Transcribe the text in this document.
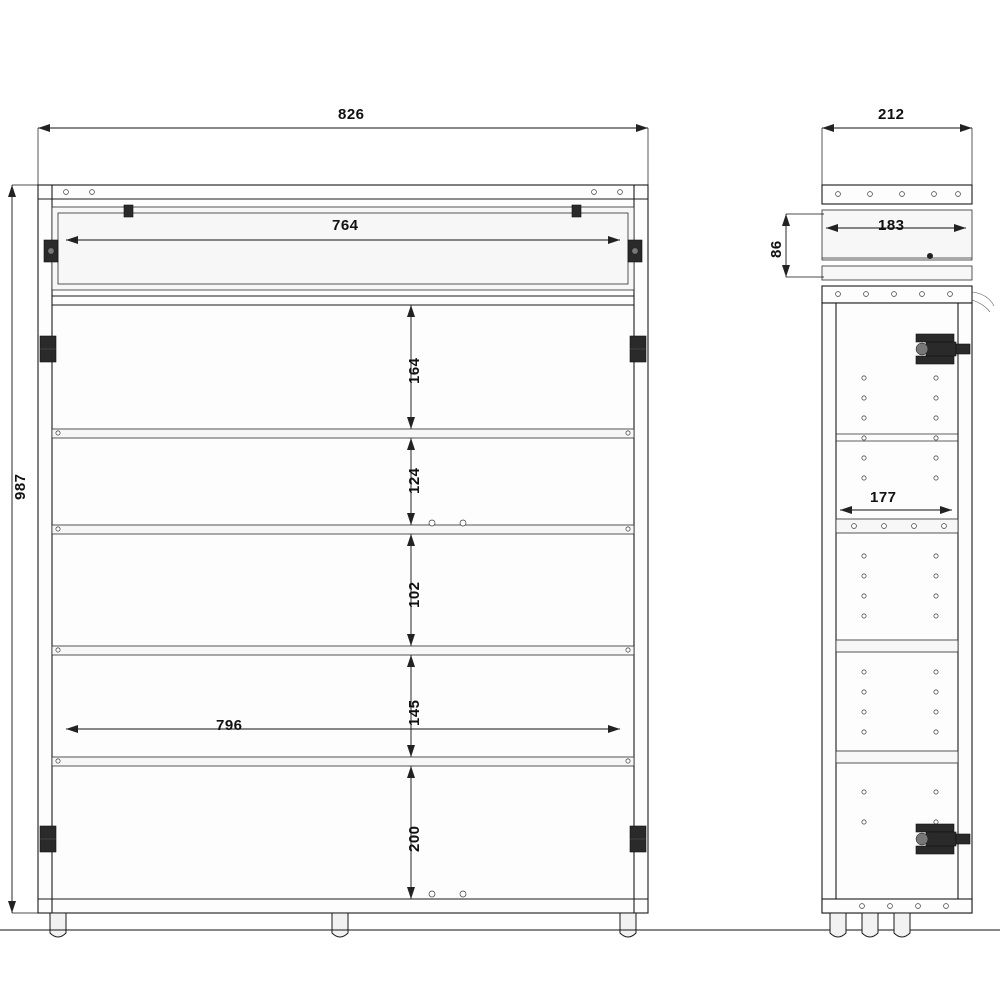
826
987
764
796
164
124
102
145
200
212
86
183
177
